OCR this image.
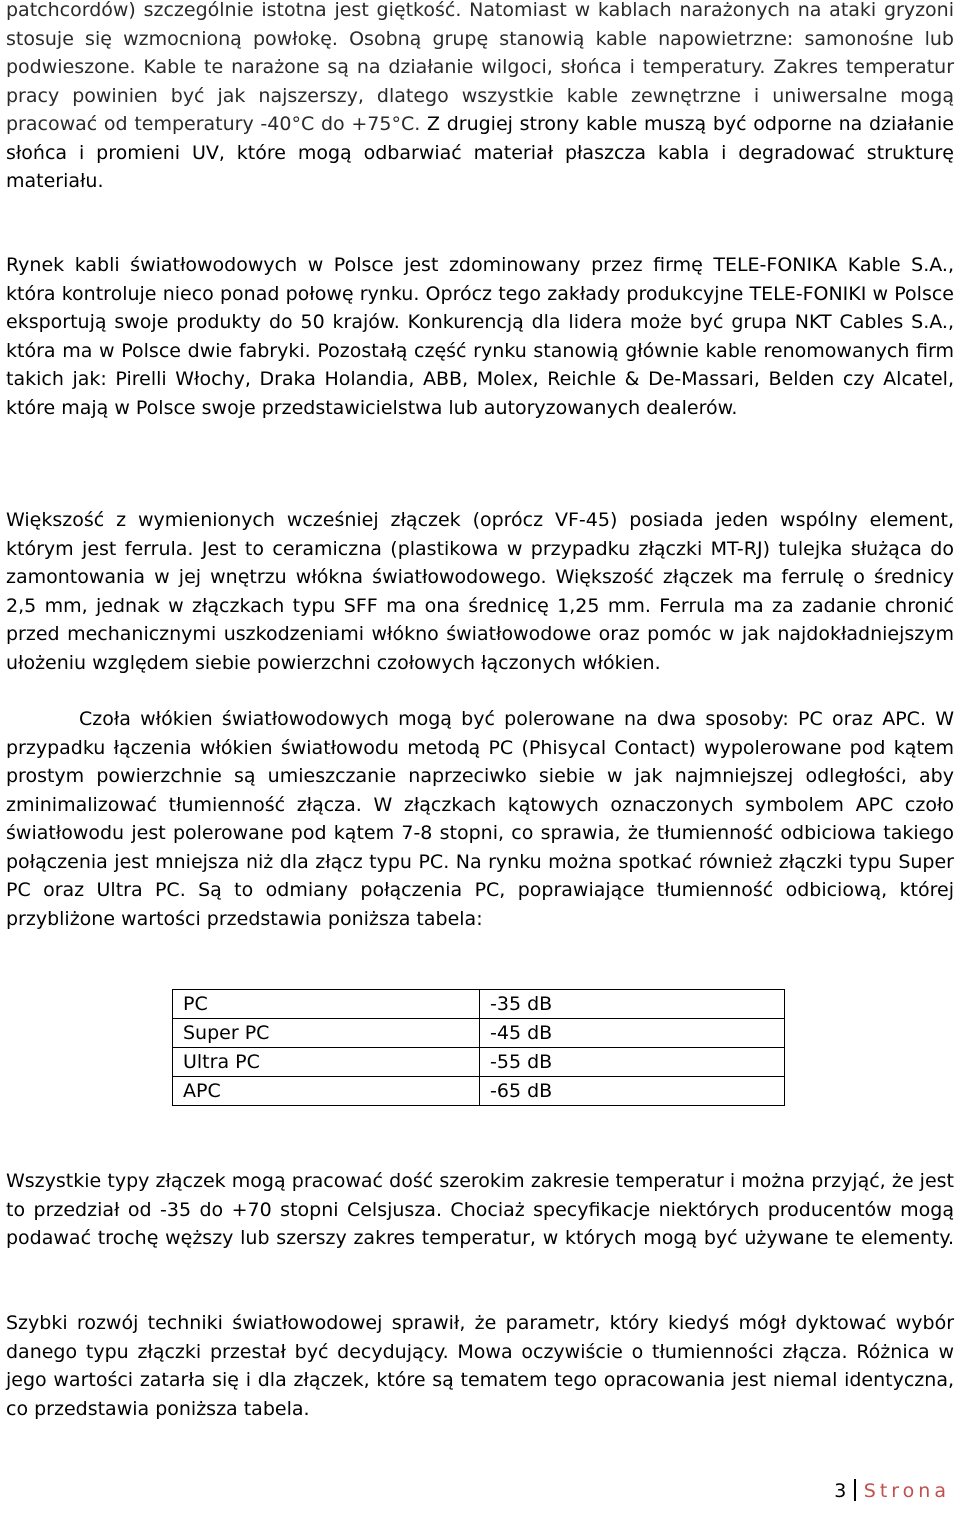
patchcordów) szczególnie istotna jest giętkość. Natomiast w kablach narażonych na ataki gryzoni stosuje się wzmocnioną powłokę. Osobną grupę stanowią kable napowietrzne: samonośne lub podwieszone. Kable te narażone są na działanie wilgoci, słońca i temperatury. Zakres temperatur pracy powinien być jak najszerszy, dlatego wszystkie kable zewnętrzne i uniwersalne mogą pracować od temperatury -40°C do +75°C. Z drugiej strony kable muszą być odporne na działanie słońca i promieni UV, które mogą odbarwiać materiał płaszcza kabla i degradować strukturę materiału.

Rynek kabli światłowodowych w Polsce jest zdominowany przez firmę TELE-FONIKA Kable S.A., która kontroluje nieco ponad połowę rynku. Oprócz tego zakłady produkcyjne TELE-FONIKI w Polsce eksportują swoje produkty do 50 krajów. Konkurencją dla lidera może być grupa NKT Cables S.A., która ma w Polsce dwie fabryki. Pozostałą część rynku stanowią głównie kable renomowanych firm takich jak: Pirelli Włochy, Draka Holandia, ABB, Molex, Reichle & De-Massari, Belden czy Alcatel, które mają w Polsce swoje przedstawicielstwa lub autoryzowanych dealerów.

Większość z wymienionych wcześniej złączek (oprócz VF-45) posiada jeden wspólny element, którym jest ferrula. Jest to ceramiczna (plastikowa w przypadku złączki MT-RJ) tulejka służąca do zamontowania w jej wnętrzu włókna światłowodowego. Większość złączek ma ferrulę o średnicy 2,5 mm, jednak w złączkach typu SFF ma ona średnicę 1,25 mm. Ferrula ma za zadanie chronić przed mechanicznymi uszkodzeniami włókno światłowodowe oraz pomóc w jak najdokładniejszym ułożeniu względem siebie powierzchni czołowych łączonych włókien.

Czoła włókien światłowodowych mogą być polerowane na dwa sposoby: PC oraz APC. W przypadku łączenia włókien światłowodu metodą PC (Phisycal Contact) wypolerowane pod kątem prostym powierzchnie są umieszczanie naprzeciwko siebie w jak najmniejszej odległości, aby zminimalizować tłumienność złącza. W złączkach kątowych oznaczonych symbolem APC czoło światłowodu jest polerowane pod kątem 7-8 stopni, co sprawia, że tłumienność odbiciowa takiego połączenia jest mniejsza niż dla złącz typu PC. Na rynku można spotkać również złączki typu Super PC oraz Ultra PC. Są to odmiany połączenia PC, poprawiające tłumienność odbiciową, której przybliżone wartości przedstawia poniższa tabela:

PC	-35 dB
Super PC	-45 dB
Ultra PC	-55 dB
APC	-65 dB

Wszystkie typy złączek mogą pracować dość szerokim zakresie temperatur i można przyjąć, że jest to przedział od -35 do +70 stopni Celsjusza. Chociaż specyfikacje niektórych producentów mogą podawać trochę węższy lub szerszy zakres temperatur, w których mogą być używane te elementy.

Szybki rozwój techniki światłowodowej sprawił, że parametr, który kiedyś mógł dyktować wybór danego typu złączki przestał być decydujący. Mowa oczywiście o tłumienności złącza. Różnica w jego wartości zatarła się i dla złączek, które są tematem tego opracowania jest niemal identyczna, co przedstawia poniższa tabela.

3 Strona
